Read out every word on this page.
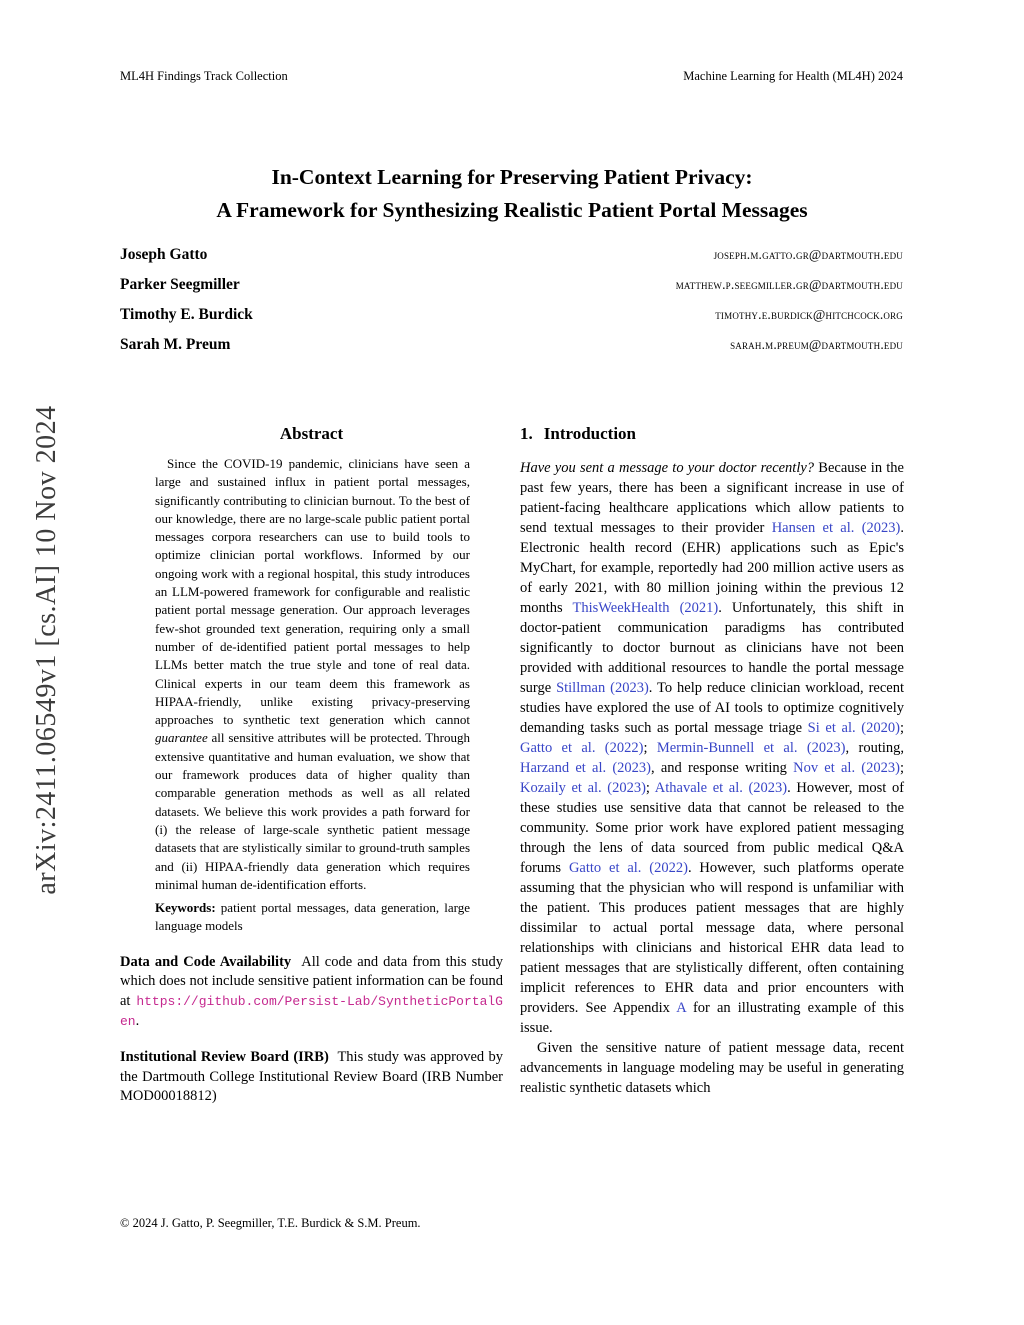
arXiv:2411.06549v1 [cs.AI] 10 Nov 2024
ML4H Findings Track Collection	Machine Learning for Health (ML4H) 2024
In-Context Learning for Preserving Patient Privacy:
A Framework for Synthesizing Realistic Patient Portal Messages
Joseph Gatto	joseph.m.gatto.gr@dartmouth.edu
Parker Seegmiller	matthew.p.seegmiller.gr@dartmouth.edu
Timothy E. Burdick	timothy.e.burdick@hitchcock.org
Sarah M. Preum	sarah.m.preum@dartmouth.edu
Abstract

Since the COVID-19 pandemic, clinicians have seen a large and sustained influx in patient portal messages, significantly contributing to clinician burnout. To the best of our knowledge, there are no large-scale public patient portal messages corpora researchers can use to build tools to optimize clinician portal workflows. Informed by our ongoing work with a regional hospital, this study introduces an LLM-powered framework for configurable and realistic patient portal message generation. Our approach leverages few-shot grounded text generation, requiring only a small number of de-identified patient portal messages to help LLMs better match the true style and tone of real data. Clinical experts in our team deem this framework as HIPAA-friendly, unlike existing privacy-preserving approaches to synthetic text generation which cannot guarantee all sensitive attributes will be protected. Through extensive quantitative and human evaluation, we show that our framework produces data of higher quality than comparable generation methods as well as all related datasets. We believe this work provides a path forward for (i) the release of large-scale synthetic patient message datasets that are stylistically similar to ground-truth samples and (ii) HIPAA-friendly data generation which requires minimal human de-identification efforts.

Keywords: patient portal messages, data generation, large language models

Data and Code Availability  All code and data from this study which does not include sensitive patient information can be found at https://github.com/Persist-Lab/SyntheticPortalGen.

Institutional Review Board (IRB)  This study was approved by the Dartmouth College Institutional Review Board (IRB Number MOD00018812)

1. Introduction

Have you sent a message to your doctor recently? Because in the past few years, there has been a significant increase in use of patient-facing healthcare applications which allow patients to send textual messages to their provider Hansen et al. (2023). Electronic health record (EHR) applications such as Epic's MyChart, for example, reportedly had 200 million active users as of early 2021, with 80 million joining within the previous 12 months ThisWeekHealth (2021). Unfortunately, this shift in doctor-patient communication paradigms has contributed significantly to doctor burnout as clinicians have not been provided with additional resources to handle the portal message surge Stillman (2023). To help reduce clinician workload, recent studies have explored the use of AI tools to optimize cognitively demanding tasks such as portal message triage Si et al. (2020); Gatto et al. (2022); Mermin-Bunnell et al. (2023), routing, Harzand et al. (2023), and response writing Nov et al. (2023); Kozaily et al. (2023); Athavale et al. (2023). However, most of these studies use sensitive data that cannot be released to the community. Some prior work have explored patient messaging through the lens of data sourced from public medical Q&A forums Gatto et al. (2022). However, such platforms operate assuming that the physician who will respond is unfamiliar with the patient. This produces patient messages that are highly dissimilar to actual portal message data, where personal relationships with clinicians and historical EHR data lead to patient messages that are stylistically different, often containing implicit references to EHR data and prior encounters with providers. See Appendix A for an illustrating example of this issue.

Given the sensitive nature of patient message data, recent advancements in language modeling may be useful in generating realistic synthetic datasets which

© 2024 J. Gatto, P. Seegmiller, T.E. Burdick & S.M. Preum.
